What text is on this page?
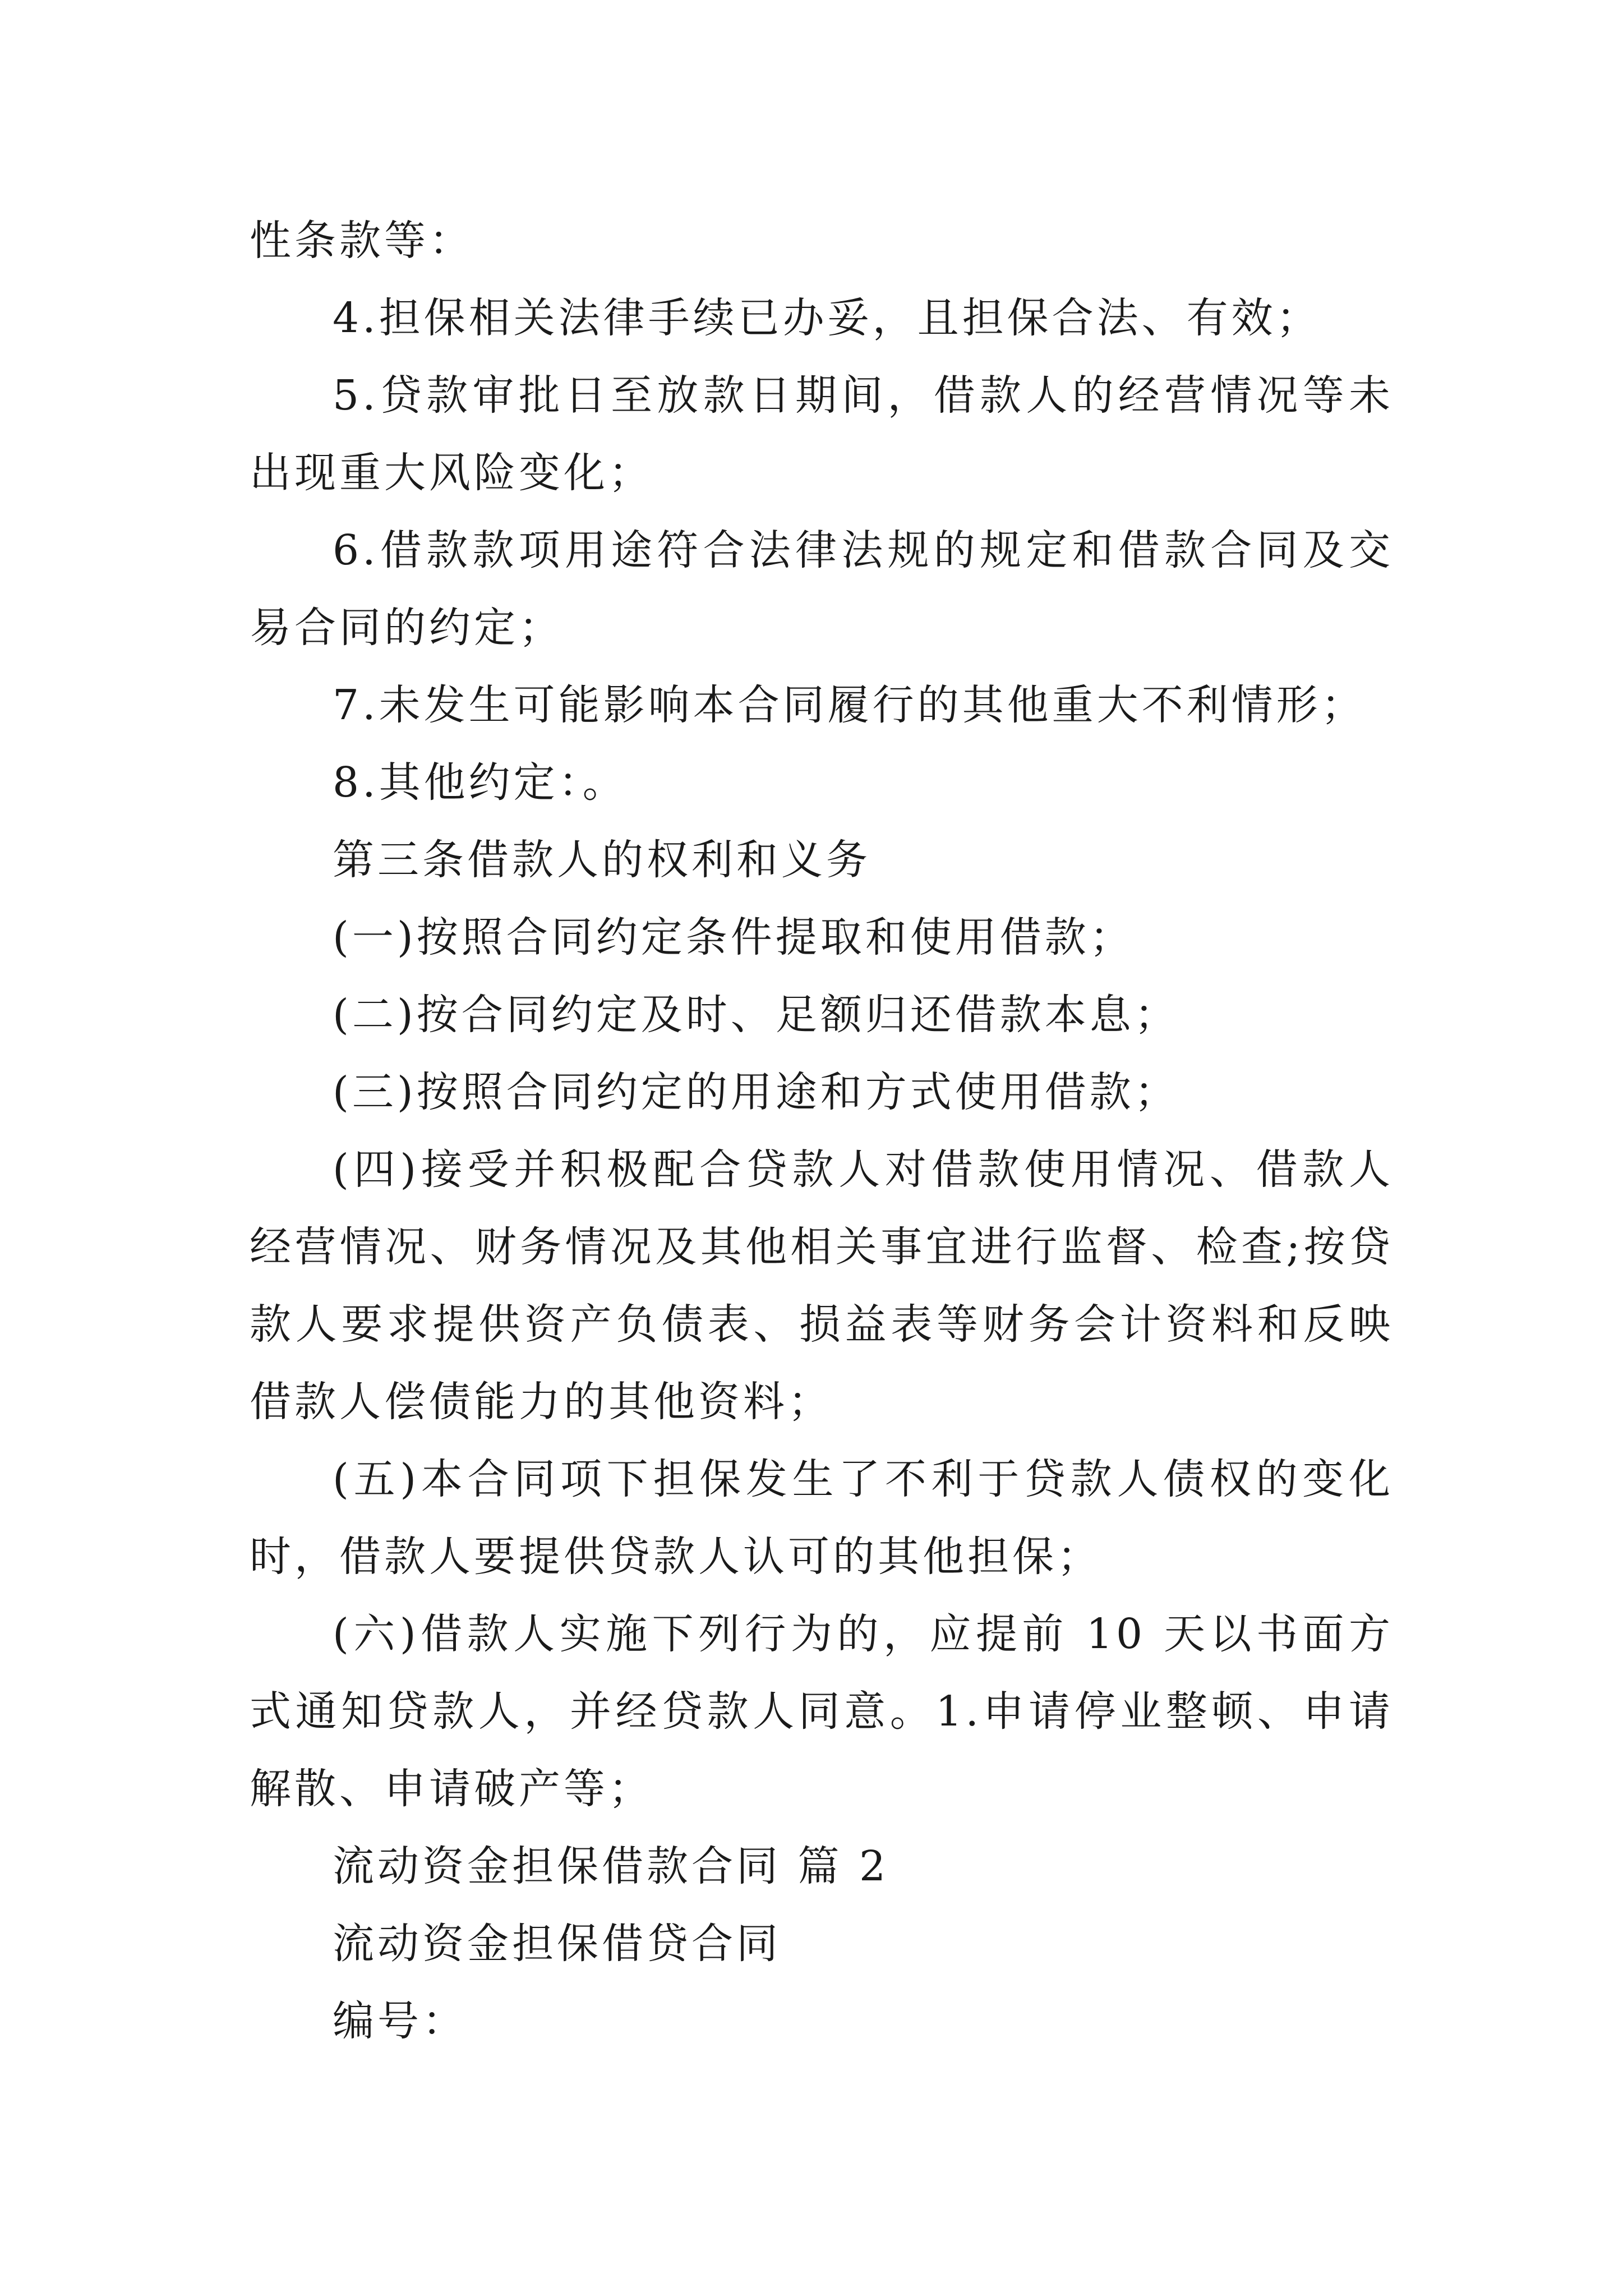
性条款等：

4.担保相关法律手续已办妥，且担保合法、有效；

5.贷款审批日至放款日期间，借款人的经营情况等未出现重大风险变化；

6.借款款项用途符合法律法规的规定和借款合同及交易合同的约定；

7.未发生可能影响本合同履行的其他重大不利情形；

8.其他约定：。

第三条借款人的权利和义务

(一)按照合同约定条件提取和使用借款；

(二)按合同约定及时、足额归还借款本息；

(三)按照合同约定的用途和方式使用借款；

(四)接受并积极配合贷款人对借款使用情况、借款人经营情况、财务情况及其他相关事宜进行监督、检查;按贷款人要求提供资产负债表、损益表等财务会计资料和反映借款人偿债能力的其他资料；

(五)本合同项下担保发生了不利于贷款人债权的变化时，借款人要提供贷款人认可的其他担保；

(六)借款人实施下列行为的，应提前 10 天以书面方式通知贷款人，并经贷款人同意。1.申请停业整顿、申请解散、申请破产等；

流动资金担保借款合同 篇 2

流动资金担保借贷合同

编号：
